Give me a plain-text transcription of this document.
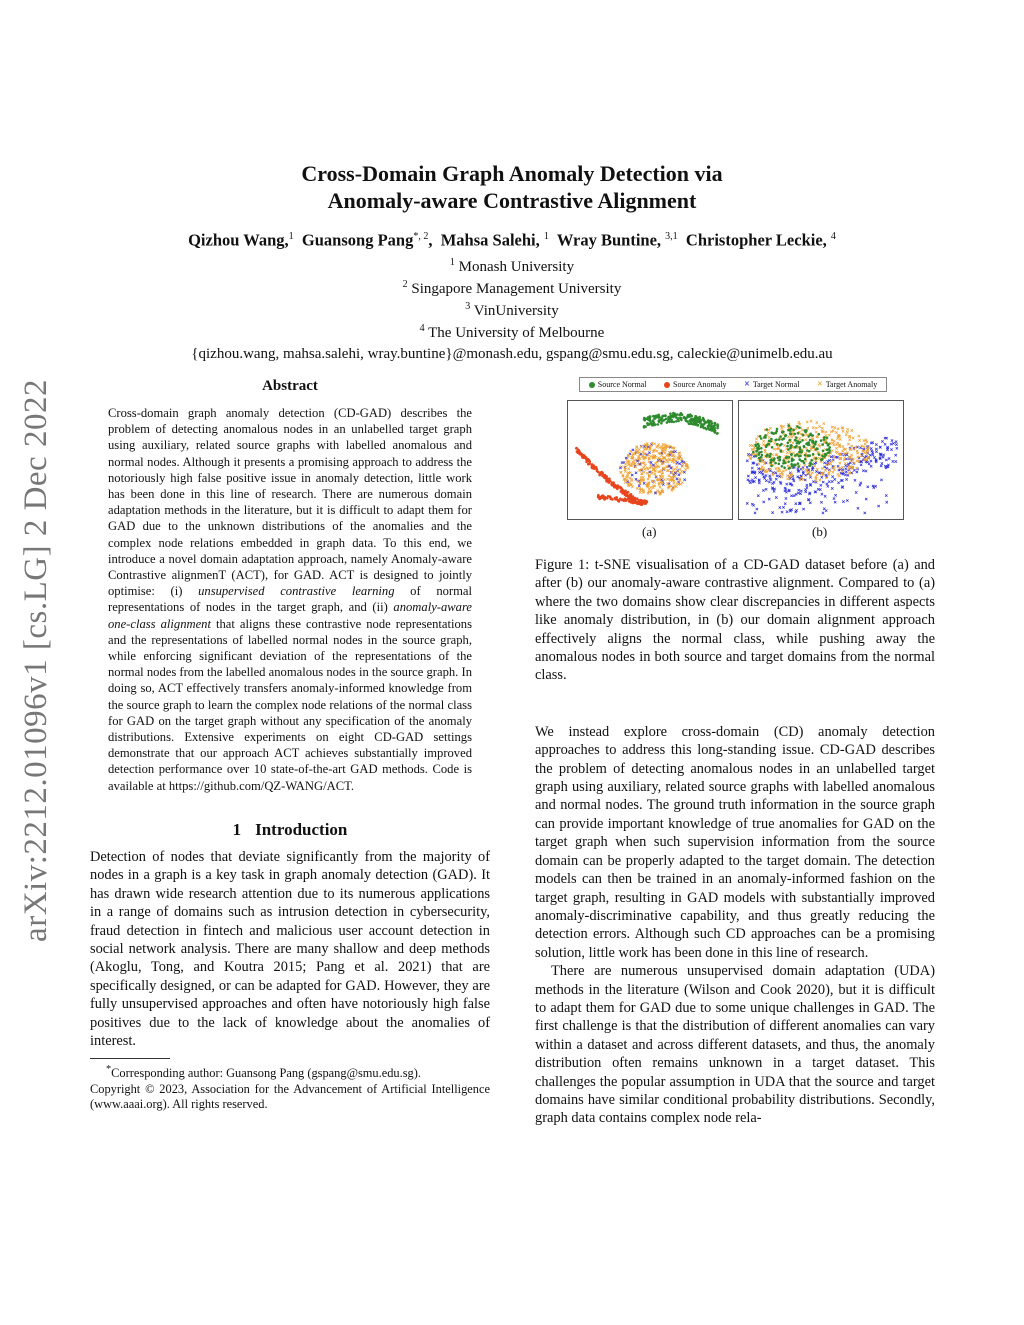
arXiv:2212.01096v1 [cs.LG] 2 Dec 2022
Cross-Domain Graph Anomaly Detection via
Anomaly-aware Contrastive Alignment
Qizhou Wang,$^1$ Guansong Pang$^{*, 2}$, Mahsa Salehi, $^1$ Wray Buntine, $^{3,1}$ Christopher Leckie, $^4$
$^1$ Monash University
$^2$ Singapore Management University
$^3$ VinUniversity
$^4$ The University of Melbourne
{qizhou.wang, mahsa.salehi, wray.buntine}@monash.edu, gspang@smu.edu.sg, caleckie@unimelb.edu.au
Abstract

Cross-domain graph anomaly detection (CD-GAD) describes the problem of detecting anomalous nodes in an unlabelled target graph using auxiliary, related source graphs with labelled anomalous and normal nodes. Although it presents a promising approach to address the notoriously high false positive issue in anomaly detection, little work has been done in this line of research. There are numerous domain adaptation methods in the literature, but it is difficult to adapt them for GAD due to the unknown distributions of the anomalies and the complex node relations embedded in graph data. To this end, we introduce a novel domain adaptation approach, namely Anomaly-aware Contrastive alignmenT (ACT), for GAD. ACT is designed to jointly optimise: (i) unsupervised contrastive learning of normal representations of nodes in the target graph, and (ii) anomaly-aware one-class alignment that aligns these contrastive node representations and the representations of labelled normal nodes in the source graph, while enforcing significant deviation of the representations of the normal nodes from the labelled anomalous nodes in the source graph. In doing so, ACT effectively transfers anomaly-informed knowledge from the source graph to learn the complex node relations of the normal class for GAD on the target graph without any specification of the anomaly distributions. Extensive experiments on eight CD-GAD settings demonstrate that our approach ACT achieves substantially improved detection performance over 10 state-of-the-art GAD methods. Code is available at https://github.com/QZ-WANG/ACT.

1 Introduction

Detection of nodes that deviate significantly from the majority of nodes in a graph is a key task in graph anomaly detection (GAD). It has drawn wide research attention due to its numerous applications in a range of domains such as intrusion detection in cybersecurity, fraud detection in fintech and malicious user account detection in social network analysis. There are many shallow and deep methods (Akoglu, Tong, and Koutra 2015; Pang et al. 2021) that are specifically designed, or can be adapted for GAD. However, they are fully unsupervised approaches and often have notoriously high false positives due to the lack of knowledge about the anomalies of interest.

*Corresponding author: Guansong Pang (gspang@smu.edu.sg).

Copyright © 2023, Association for the Advancement of Artificial Intelligence (www.aaai.org). All rights reserved.

Source Normal	Source Anomaly × Target Normal × Target Anomaly
(a)	(b)

Figure 1: t-SNE visualisation of a CD-GAD dataset before (a) and after (b) our anomaly-aware contrastive alignment. Compared to (a) where the two domains show clear discrepancies in different aspects like anomaly distribution, in (b) our domain alignment approach effectively aligns the normal class, while pushing away the anomalous nodes in both source and target domains from the normal class.

We instead explore cross-domain (CD) anomaly detection approaches to address this long-standing issue. CD-GAD describes the problem of detecting anomalous nodes in an unlabelled target graph using auxiliary, related source graphs with labelled anomalous and normal nodes. The ground truth information in the source graph can provide important knowledge of true anomalies for GAD on the target graph when such supervision information from the source domain can be properly adapted to the target domain. The detection models can then be trained in an anomaly-informed fashion on the target graph, resulting in GAD models with substantially improved anomaly-discriminative capability, and thus greatly reducing the detection errors. Although such CD approaches can be a promising solution, little work has been done in this line of research.

There are numerous unsupervised domain adaptation (UDA) methods in the literature (Wilson and Cook 2020), but it is difficult to adapt them for GAD due to some unique challenges in GAD. The first challenge is that the distribution of different anomalies can vary within a dataset and across different datasets, and thus, the anomaly distribution often remains unknown in a target dataset. This challenges the popular assumption in UDA that the source and target domains have similar conditional probability distributions. Secondly, graph data contains complex node rela-
